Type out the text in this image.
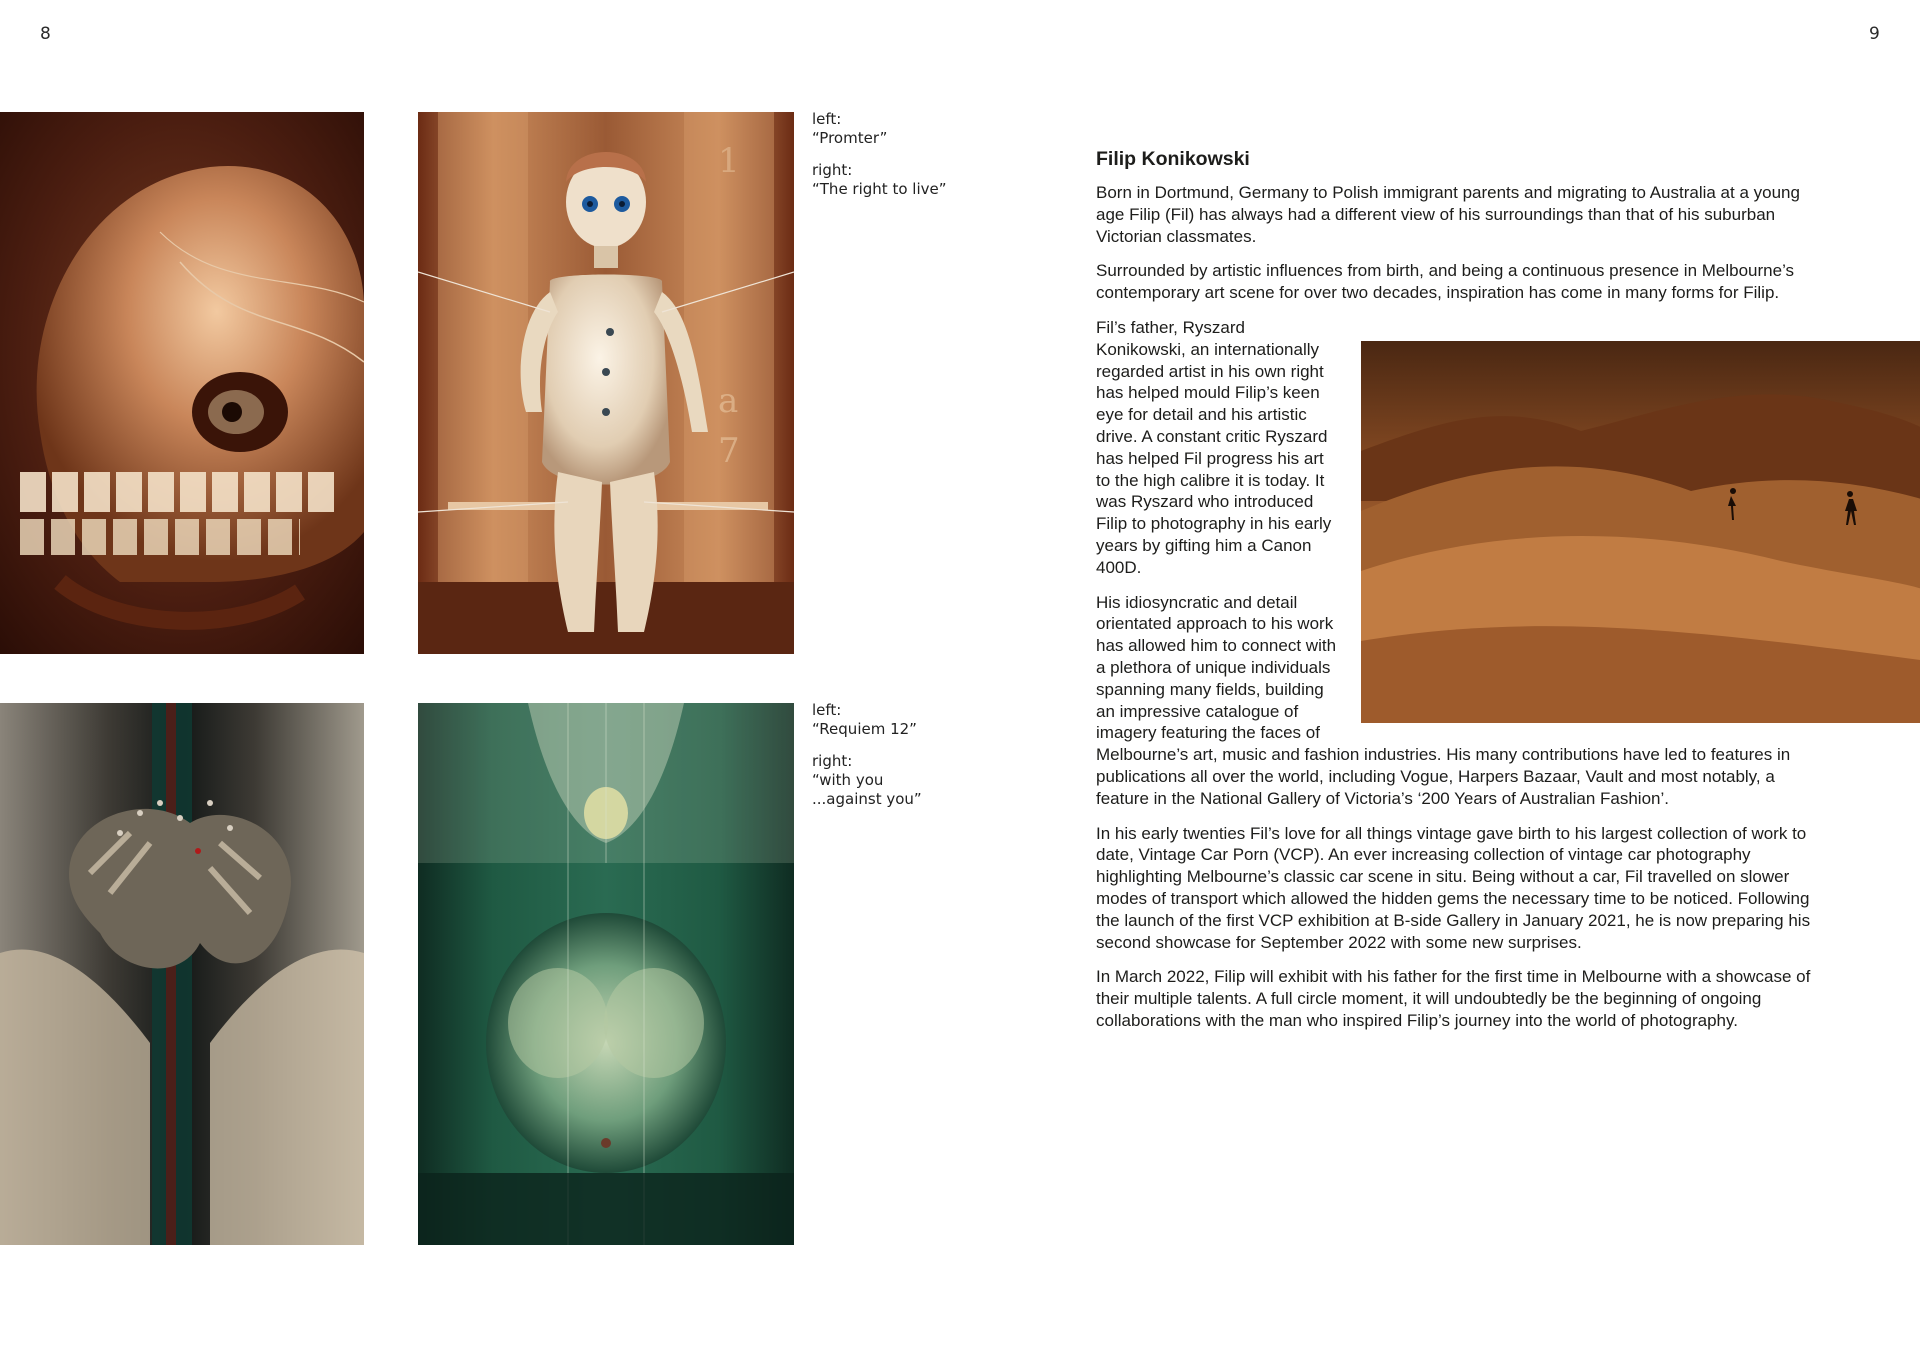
8	9
a
7
1

left:
“Promter”

right:
“The right to live”

left:
“Requiem 12”

right:
“with you
...against you”

Filip Konikowski

Born in Dortmund, Germany to Polish immigrant parents and migrating to Australia at a young age Filip (Fil) has always had a different view of his surroundings than that of his suburban Victorian classmates.

Surrounded by artistic influences from birth, and being a continuous presence in Melbourne’s contemporary art scene for over two decades, inspiration has come in many forms for Filip.

Fil’s father, Ryszard Konikowski, an internationally regarded artist in his own right has helped mould Filip’s keen eye for detail and his artistic drive. A constant critic Ryszard has helped Fil progress his art to the high calibre it is today. It was Ryszard who introduced Filip to photography in his early years by gifting him a Canon 400D.

His idiosyncratic and detail orientated approach to his work has allowed him to connect with a plethora of unique individuals spanning many fields, building an impressive catalogue of imagery featuring the faces of Melbourne’s art, music and fashion industries. His many contributions have led to features in publications all over the world, including Vogue, Harpers Bazaar, Vault and most notably, a feature in the National Gallery of Victoria’s ‘200 Years of Australian Fashion’.

In his early twenties Fil’s love for all things vintage gave birth to his largest collection of work to date, Vintage Car Porn (VCP). An ever increasing collection of vintage car photography highlighting Melbourne’s classic car scene in situ. Being without a car, Fil travelled on slower modes of transport which allowed the hidden gems the necessary time to be noticed. Following the launch of the first VCP exhibition at B-side Gallery in January 2021, he is now preparing his second showcase for September 2022 with some new surprises.

In March 2022, Filip will exhibit with his father for the first time in Melbourne with a showcase of their multiple talents. A full circle moment, it will undoubtedly be the beginning of ongoing collaborations with the man who inspired Filip’s journey into the world of photography.
